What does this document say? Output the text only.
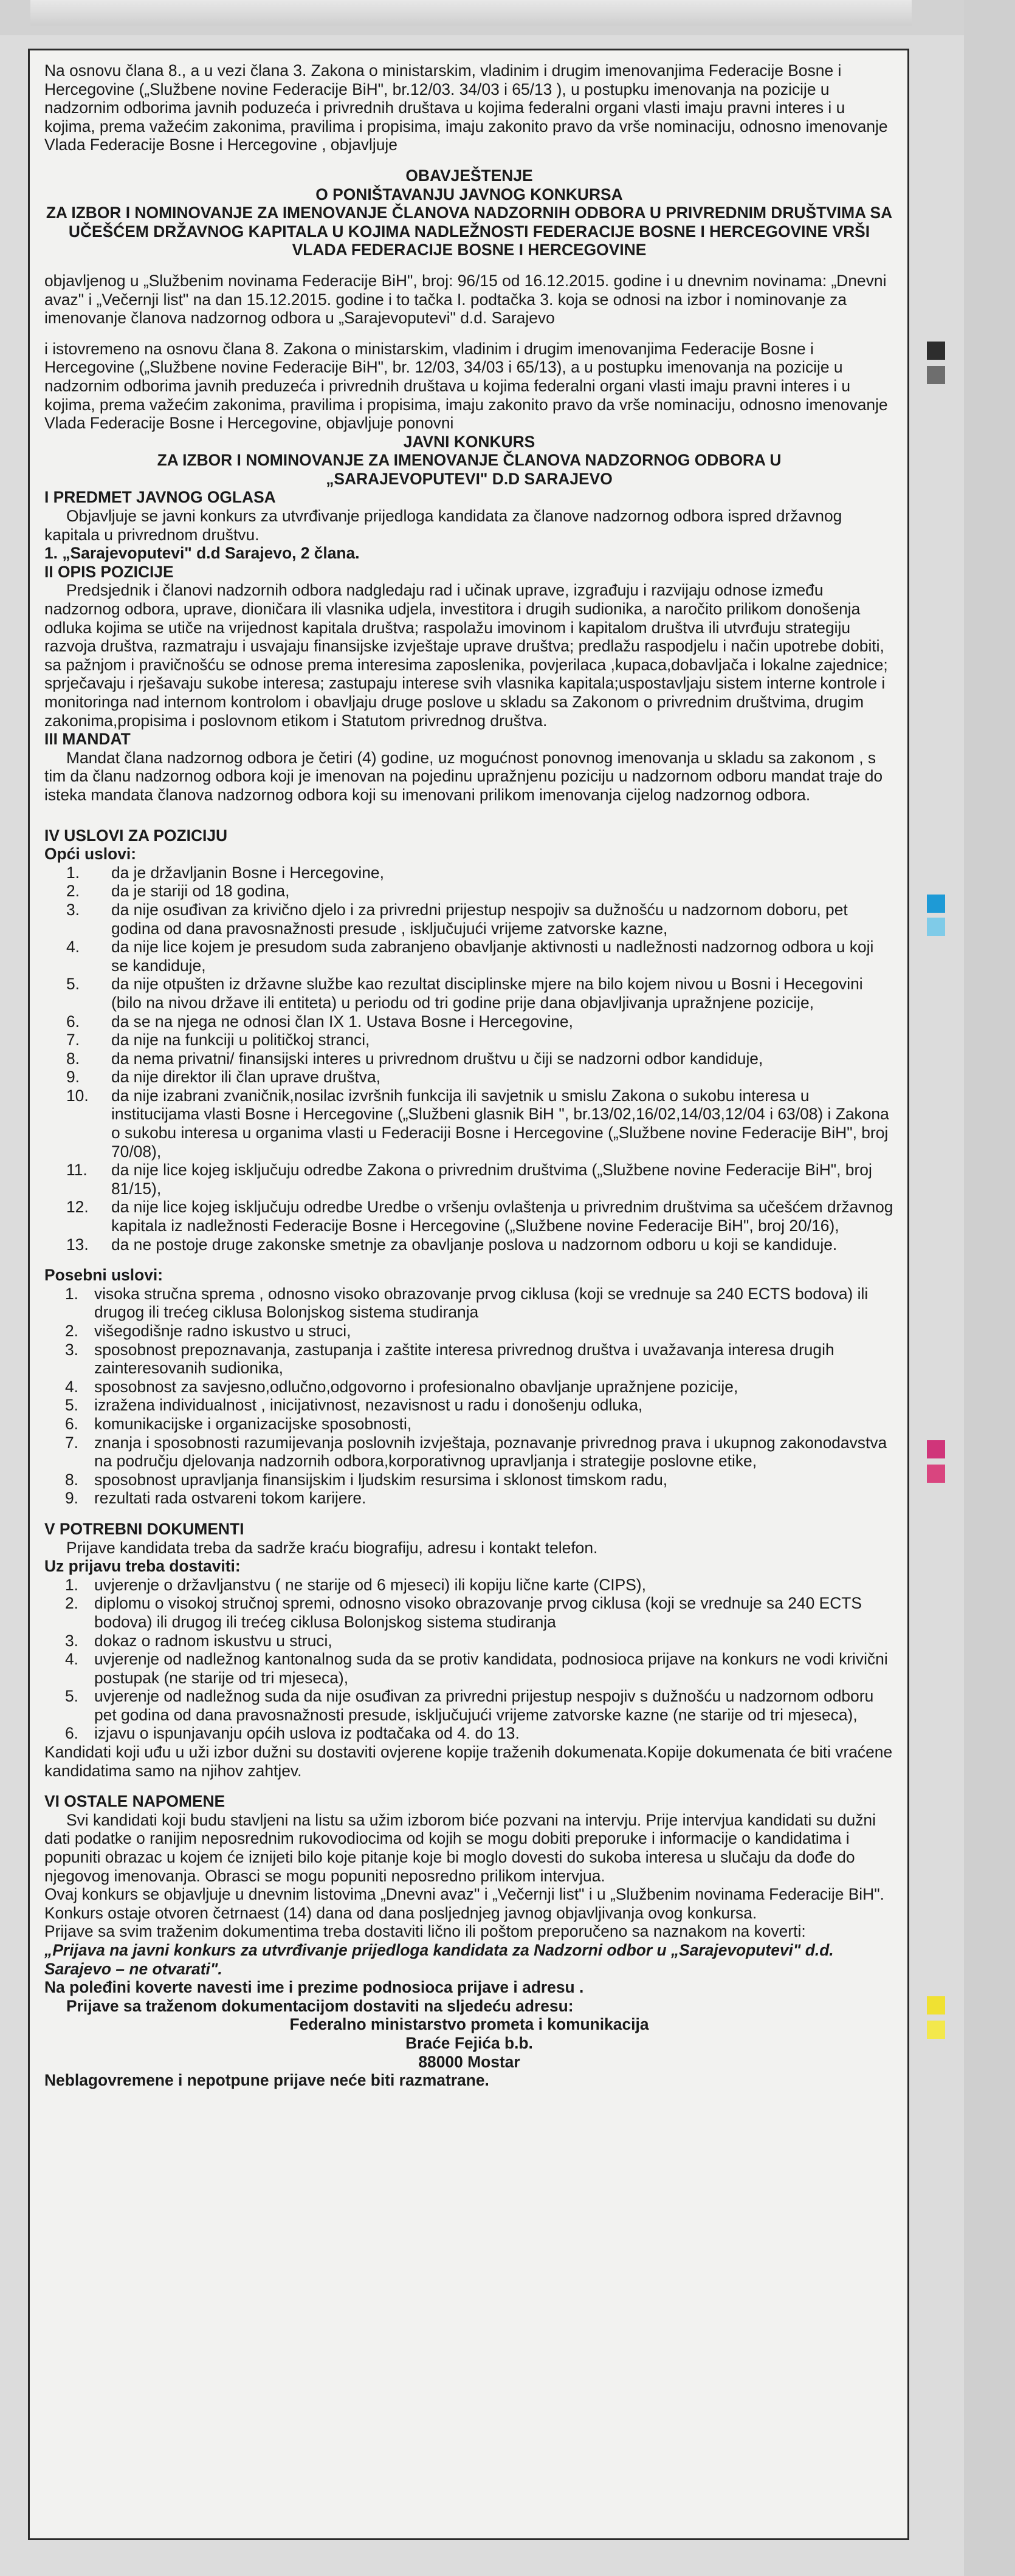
Na osnovu člana 8., a u vezi člana 3. Zakona o ministarskim, vladinim i drugim imenovanjima Federacije Bosne i Hercegovine („Službene novine Federacije BiH", br.12/03. 34/03 i 65/13 ), u postupku imenovanja na pozicije u nadzornim odborima javnih poduzeća i privrednih društava u kojima federalni organi vlasti imaju pravni interes i u kojima, prema važećim zakonima, pravilima i propisima, imaju zakonito pravo da vrše nominaciju, odnosno imenovanje Vlada Federacije Bosne i Hercegovine , objavljuje

OBAVJEŠTENJE

O PONIŠTAVANJU JAVNOG KONKURSA

ZA IZBOR I NOMINOVANJE ZA IMENOVANJE ČLANOVA NADZORNIH ODBORA U PRIVREDNIM DRUŠTVIMA SA UČEŠĆEM DRŽAVNOG KAPITALA U KOJIMA NADLEŽNOSTI FEDERACIJE BOSNE I HERCEGOVINE VRŠI VLADA FEDERACIJE BOSNE I HERCEGOVINE

objavljenog u „Službenim novinama Federacije BiH", broj: 96/15 od 16.12.2015. godine i u dnevnim novinama: „Dnevni avaz" i „Večernji list" na dan 15.12.2015. godine i to tačka I. podtačka 3. koja se odnosi na izbor i nominovanje za imenovanje članova nadzornog odbora u „Sarajevoputevi" d.d. Sarajevo

i istovremeno na osnovu člana 8. Zakona o ministarskim, vladinim i drugim imenovanjima Federacije Bosne i Hercegovine („Službene novine Federacije BiH", br. 12/03, 34/03 i 65/13), a u postupku imenovanja na pozicije u nadzornim odborima javnih preduzeća i privrednih društava u kojima federalni organi vlasti imaju pravni interes i u kojima, prema važećim zakonima, pravilima i propisima, imaju zakonito pravo da vrše nominaciju, odnosno imenovanje Vlada Federacije Bosne i Hercegovine, objavljuje ponovni

JAVNI KONKURS

ZA IZBOR I NOMINOVANJE ZA IMENOVANJE ČLANOVA NADZORNOG ODBORA U

„SARAJEVOPUTEVI" D.D SARAJEVO

I PREDMET JAVNOG OGLASA

Objavljuje se javni konkurs za utvrđivanje prijedloga kandidata za članove nadzornog odbora ispred državnog kapitala u privrednom društvu.

1. „Sarajevoputevi" d.d Sarajevo, 2 člana.

II OPIS POZICIJE

Predsjednik i članovi nadzornih odbora nadgledaju rad i učinak uprave, izgrađuju i razvijaju odnose između nadzornog odbora, uprave, dioničara ili vlasnika udjela, investitora i drugih sudionika, a naročito prilikom donošenja odluka kojima se utiče na vrijednost kapitala društva; raspolažu imovinom i kapitalom društva ili utvrđuju strategiju razvoja društva, razmatraju i usvajaju finansijske izvještaje uprave društva; predlažu raspodjelu i način upotrebe dobiti, sa pažnjom i pravičnošću se odnose prema interesima zaposlenika, povjerilaca ,kupaca,dobavljača i lokalne zajednice; sprječavaju i rješavaju sukobe interesa; zastupaju interese svih vlasnika kapitala;uspostavljaju sistem interne kontrole i monitoringa nad internom kontrolom i obavljaju druge poslove u skladu sa Zakonom o privrednim društvima, drugim zakonima,propisima i poslovnom etikom i Statutom privrednog društva.

III MANDAT

Mandat člana nadzornog odbora je četiri (4) godine, uz mogućnost ponovnog imenovanja u skladu sa zakonom , s tim da članu nadzornog odbora koji je imenovan na pojedinu upražnjenu poziciju u nadzornom odboru mandat traje do isteka mandata članova nadzornog odbora koji su imenovani prilikom imenovanja cijelog nadzornog odbora.

IV USLOVI ZA POZICIJU

Opći uslovi:

1.	da je državljanin Bosne i Hercegovine,
2.	da je stariji od 18 godina,
3.	da nije osuđivan za krivično djelo i za privredni prijestup nespojiv sa dužnošću u nadzornom doboru, pet godina od dana pravosnažnosti presude , isključujući vrijeme zatvorske kazne,
4.	da nije lice kojem je presudom suda zabranjeno obavljanje aktivnosti u nadležnosti nadzornog odbora u koji se kandiduje,
5.	da nije otpušten iz državne službe kao rezultat disciplinske mjere na bilo kojem nivou u Bosni i Hecegovini (bilo na nivou države ili entiteta) u periodu od tri godine prije dana objavljivanja upražnjene pozicije,
6.	da se na njega ne odnosi član IX 1. Ustava Bosne i Hercegovine,
7.	da nije na funkciji u političkoj stranci,
8.	da nema privatni/ finansijski interes u privrednom društvu u čiji se nadzorni odbor kandiduje,
9.	da nije direktor ili član uprave društva,
10.	da nije izabrani zvaničnik,nosilac izvršnih funkcija ili savjetnik u smislu Zakona o sukobu interesa u institucijama vlasti Bosne i Hercegovine („Službeni glasnik BiH ", br.13/02,16/02,14/03,12/04 i 63/08) i Zakona o sukobu interesa u organima vlasti u Federaciji Bosne i Hercegovine („Službene novine Federacije BiH", broj 70/08),
11.	da nije lice kojeg isključuju odredbe Zakona o privrednim društvima („Službene novine Federacije BiH", broj 81/15),
12.	da nije lice kojeg isključuju odredbe Uredbe o vršenju ovlaštenja u privrednim društvima sa učešćem državnog kapitala iz nadležnosti Federacije Bosne i Hercegovine („Službene novine Federacije BiH", broj 20/16),
13.	da ne postoje druge zakonske smetnje za obavljanje poslova u nadzornom odboru u koji se kandiduje.

Posebni uslovi:

1. visoka stručna sprema , odnosno visoko obrazovanje prvog ciklusa (koji se vrednuje sa 240 ECTS bodova) ili drugog ili trećeg ciklusa Bolonjskog sistema studiranja
2. višegodišnje radno iskustvo u struci,
3. sposobnost prepoznavanja, zastupanja i zaštite interesa privrednog društva i uvažavanja interesa drugih zainteresovanih sudionika,
4. sposobnost za savjesno,odlučno,odgovorno i profesionalno obavljanje upražnjene pozicije,
5. izražena individualnost , inicijativnost, nezavisnost u radu i donošenju odluka,
6. komunikacijske i organizacijske sposobnosti,
7. znanja i sposobnosti razumijevanja poslovnih izvještaja, poznavanje privrednog prava i ukupnog zakonodavstva na području djelovanja nadzornih odbora,korporativnog upravljanja i strategije poslovne etike,
8. sposobnost upravljanja finansijskim i ljudskim resursima i sklonost timskom radu,
9. rezultati rada ostvareni tokom karijere.

V POTREBNI DOKUMENTI

Prijave kandidata treba da sadrže kraću biografiju, adresu i kontakt telefon.

Uz prijavu treba dostaviti:

1. uvjerenje o državljanstvu ( ne starije od 6 mjeseci) ili kopiju lične karte (CIPS),
2. diplomu o visokoj stručnoj spremi, odnosno visoko obrazovanje prvog ciklusa (koji se vrednuje sa 240 ECTS bodova) ili drugog ili trećeg ciklusa Bolonjskog sistema studiranja
3. dokaz o radnom iskustvu u struci,
4. uvjerenje od nadležnog kantonalnog suda da se protiv kandidata, podnosioca prijave na konkurs ne vodi krivični postupak (ne starije od tri mjeseca),
5. uvjerenje od nadležnog suda da nije osuđivan za privredni prijestup nespojiv s dužnošću u nadzornom odboru pet godina od dana pravosnažnosti presude, isključujući vrijeme zatvorske kazne (ne starije od tri mjeseca),
6. izjavu o ispunjavanju općih uslova iz podtačaka od 4. do 13.

Kandidati koji uđu u uži izbor dužni su dostaviti ovjerene kopije traženih dokumenata.Kopije dokumenata će biti vraćene kandidatima samo na njihov zahtjev.

VI OSTALE NAPOMENE

Svi kandidati koji budu stavljeni na listu sa užim izborom biće pozvani na intervju. Prije intervjua kandidati su dužni dati podatke o ranijim neposrednim rukovodiocima od kojih se mogu dobiti preporuke i informacije o kandidatima i popuniti obrazac u kojem će iznijeti bilo koje pitanje koje bi moglo dovesti do sukoba interesa u slučaju da dođe do njegovog imenovanja. Obrasci se mogu popuniti neposredno prilikom intervjua.

Ovaj konkurs se objavljuje u dnevnim listovima „Dnevni avaz" i „Večernji list" i u „Službenim novinama Federacije BiH". Konkurs ostaje otvoren četrnaest (14) dana od dana posljednjeg javnog objavljivanja ovog konkursa.

Prijave sa svim traženim dokumentima treba dostaviti lično ili poštom preporučeno sa naznakom na koverti:

„Prijava na javni konkurs za utvrđivanje prijedloga kandidata za Nadzorni odbor u „Sarajevoputevi" d.d. Sarajevo – ne otvarati".

Na poleđini koverte navesti ime i prezime podnosioca prijave i adresu .

Prijave sa traženom dokumentacijom dostaviti na sljedeću adresu:

Federalno ministarstvo prometa i komunikacija

Braće Fejića b.b.

88000 Mostar

Neblagovremene i nepotpune prijave neće biti razmatrane.
